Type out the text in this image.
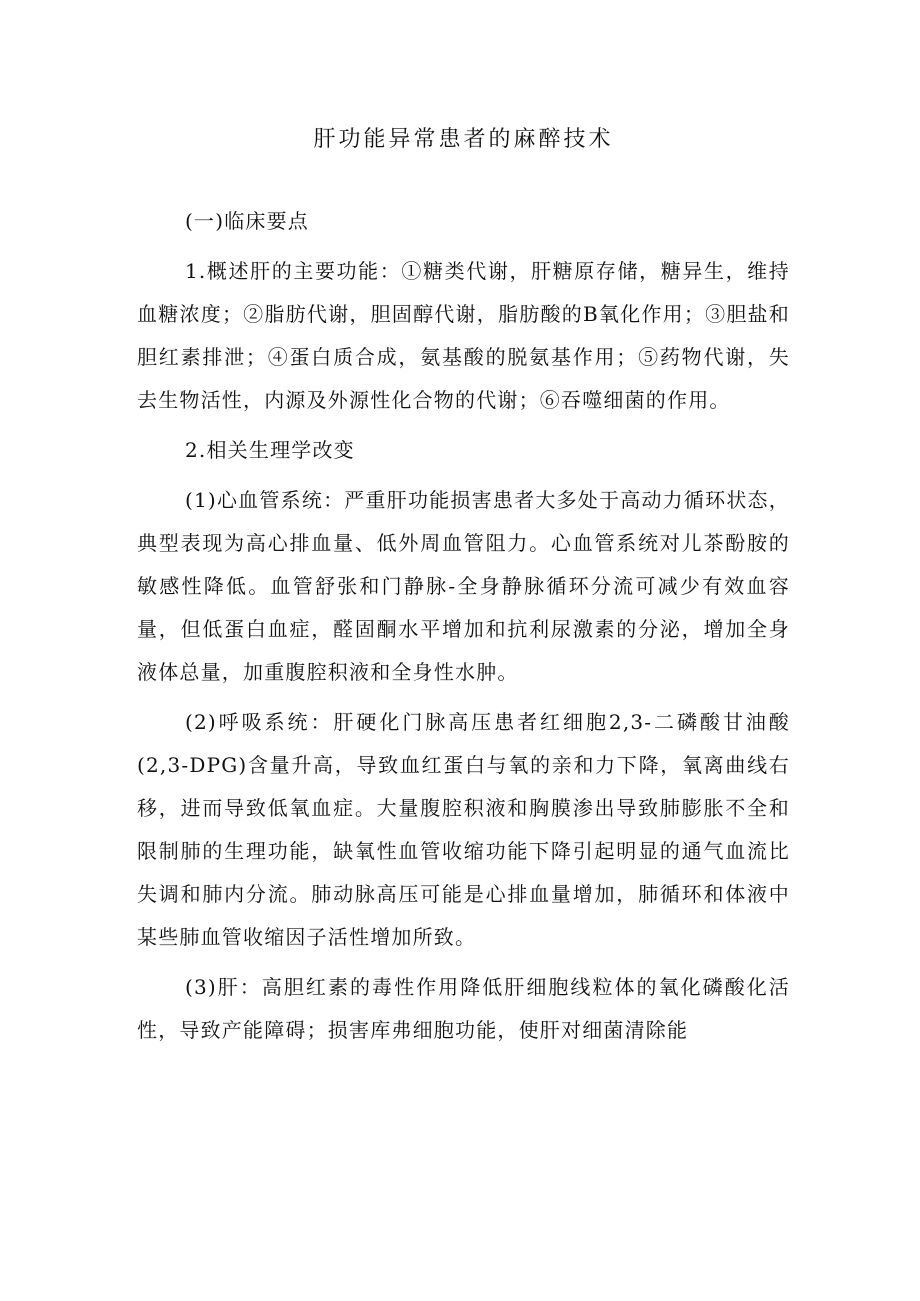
肝功能异常患者的麻醉技术

(一)临床要点

1.概述肝的主要功能：①糖类代谢，肝糖原存储，糖异生，维持血糖浓度；②脂肪代谢，胆固醇代谢，脂肪酸的B氧化作用；③胆盐和胆红素排泄；④蛋白质合成，氨基酸的脱氨基作用；⑤药物代谢，失去生物活性，内源及外源性化合物的代谢；⑥吞噬细菌的作用。

2.相关生理学改变

(1)心血管系统：严重肝功能损害患者大多处于高动力循环状态，典型表现为高心排血量、低外周血管阻力。心血管系统对儿茶酚胺的敏感性降低。血管舒张和门静脉-全身静脉循环分流可减少有效血容量，但低蛋白血症，醛固酮水平增加和抗利尿激素的分泌，增加全身液体总量，加重腹腔积液和全身性水肿。

(2)呼吸系统：肝硬化门脉高压患者红细胞2,3-二磷酸甘油酸(2,3-DPG)含量升高，导致血红蛋白与氧的亲和力下降，氧离曲线右移，进而导致低氧血症。大量腹腔积液和胸膜渗出导致肺膨胀不全和限制肺的生理功能，缺氧性血管收缩功能下降引起明显的通气血流比失调和肺内分流。肺动脉高压可能是心排血量增加，肺循环和体液中某些肺血管收缩因子活性增加所致。

(3)肝：高胆红素的毒性作用降低肝细胞线粒体的氧化磷酸化活性，导致产能障碍；损害库弗细胞功能，使肝对细菌清除能
